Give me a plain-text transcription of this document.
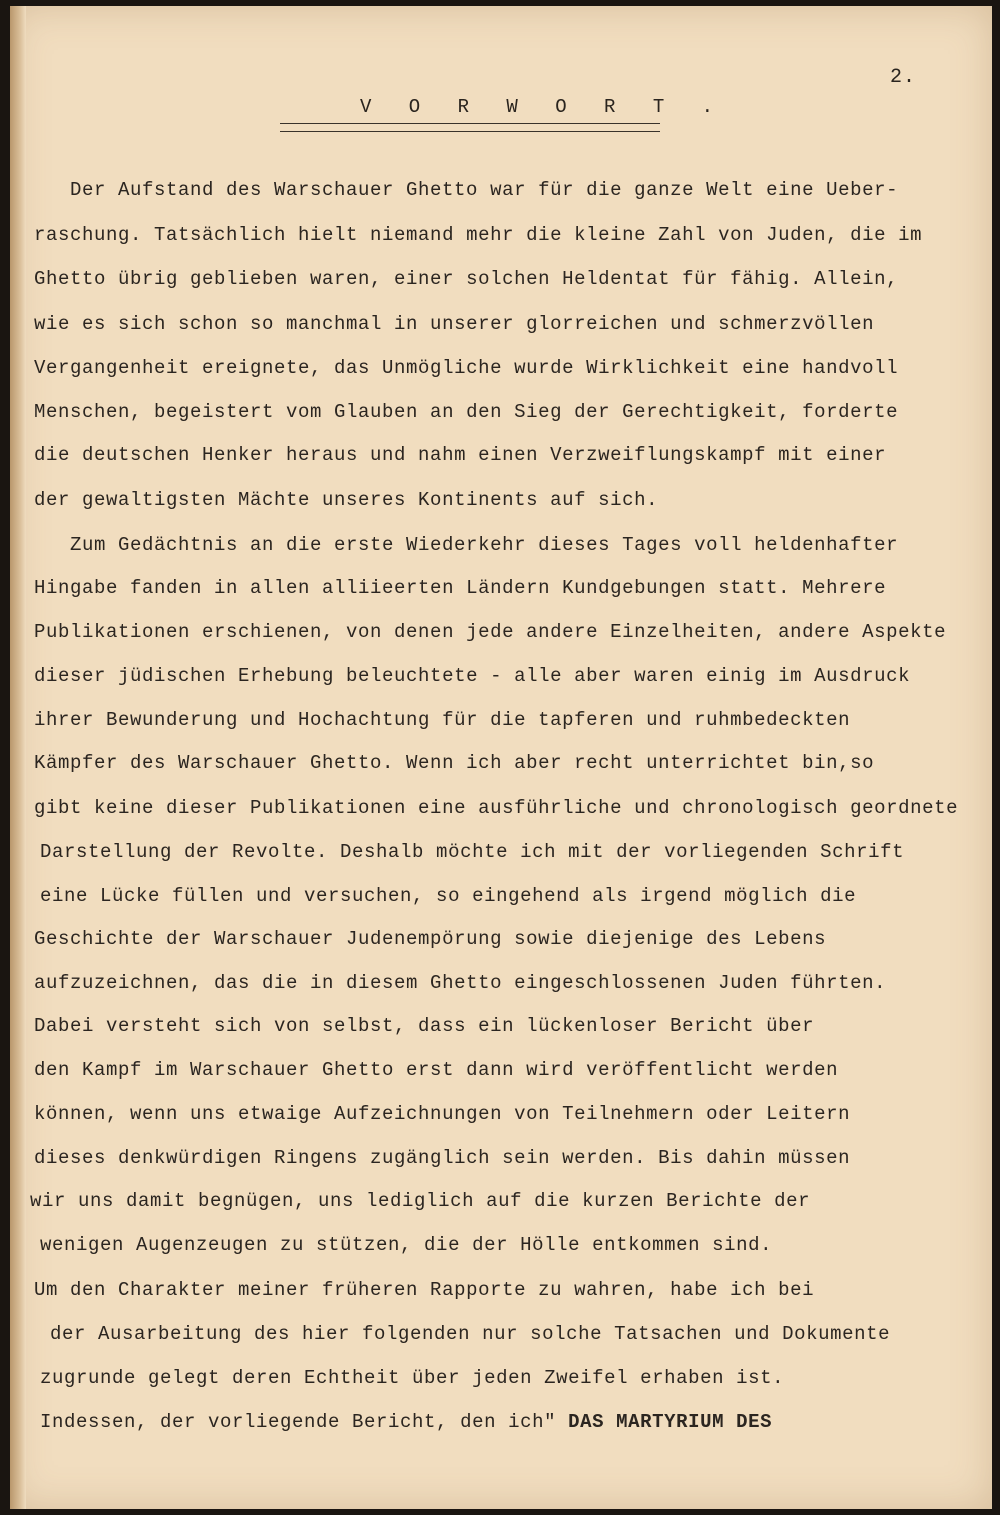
2.
V O R W O R T .

Der Aufstand des Warschauer Ghetto war für die ganze Welt eine Ueber-

raschung. Tatsächlich hielt niemand mehr die kleine Zahl von Juden, die im

Ghetto übrig geblieben waren, einer solchen Heldentat für fähig. Allein,

wie es sich schon so manchmal in unserer glorreichen und schmerzvöllen

Vergangenheit ereignete, das Unmögliche wurde Wirklichkeit eine handvoll

Menschen, begeistert vom Glauben an den Sieg der Gerechtigkeit, forderte

die deutschen Henker heraus und nahm einen Verzweiflungskampf mit einer

der gewaltigsten Mächte unseres Kontinents auf sich.

Zum Gedächtnis an die erste Wiederkehr dieses Tages voll heldenhafter

Hingabe fanden in allen alliieerten Ländern Kundgebungen statt. Mehrere

Publikationen erschienen, von denen jede andere Einzelheiten, andere Aspekte

dieser jüdischen Erhebung beleuchtete - alle aber waren einig im Ausdruck

ihrer Bewunderung und Hochachtung für die tapferen und ruhmbedeckten

Kämpfer des Warschauer Ghetto. Wenn ich aber recht unterrichtet bin,so

gibt keine dieser Publikationen eine ausführliche und chronologisch geordnete

Darstellung der Revolte. Deshalb möchte ich mit der vorliegenden Schrift

eine Lücke füllen und versuchen, so eingehend als irgend möglich die

Geschichte der Warschauer Judenempörung sowie diejenige des Lebens

aufzuzeichnen, das die in diesem Ghetto eingeschlossenen Juden führten.

Dabei versteht sich von selbst, dass ein lückenloser Bericht über

den Kampf im Warschauer Ghetto erst dann wird veröffentlicht werden

können, wenn uns etwaige Aufzeichnungen von Teilnehmern oder Leitern

dieses denkwürdigen Ringens zugänglich sein werden. Bis dahin müssen

wir uns damit begnügen, uns lediglich auf die kurzen Berichte der

wenigen Augenzeugen zu stützen, die der Hölle entkommen sind.

Um den Charakter meiner früheren Rapporte zu wahren, habe ich bei

der Ausarbeitung des hier folgenden nur solche Tatsachen und Dokumente

zugrunde gelegt deren Echtheit über jeden Zweifel erhaben ist.

Indessen, der vorliegende Bericht, den ich" DAS MARTYRIUM DES
